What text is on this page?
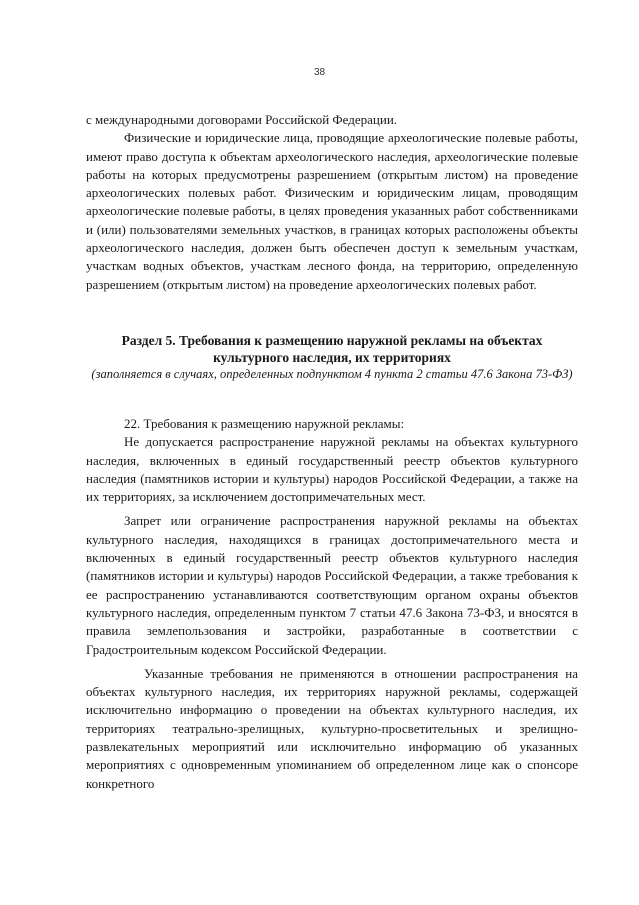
38

с международными договорами Российской Федерации.

Физические и юридические лица, проводящие археологические полевые работы, имеют право доступа к объектам археологического наследия, археологические полевые работы на которых предусмотрены разрешением (открытым листом) на проведение археологических полевых работ. Физическим и юридическим лицам, проводящим археологические полевые работы, в целях проведения указанных работ собственниками и (или) пользователями земельных участков, в границах которых расположены объекты археологического наследия, должен быть обеспечен доступ к земельным участкам, участкам водных объектов, участкам лесного фонда, на территорию, определенную разрешением (открытым листом) на проведение археологических полевых работ.

Раздел 5. Требования к размещению наружной рекламы на объектах культурного наследия, их территориях

(заполняется в случаях, определенных подпунктом 4 пункта 2 статьи 47.6 Закона 73-ФЗ)

22. Требования к размещению наружной рекламы:

Не допускается распространение наружной рекламы на объектах культурного наследия, включенных в единый государственный реестр объектов культурного наследия (памятников истории и культуры) народов Российской Федерации, а также на их территориях, за исключением достопримечательных мест.

Запрет или ограничение распространения наружной рекламы на объектах культурного наследия, находящихся в границах достопримечательного места и включенных в единый государственный реестр объектов культурного наследия (памятников истории и культуры) народов Российской Федерации, а также требования к ее распространению устанавливаются соответствующим органом охраны объектов культурного наследия, определенным пунктом 7 статьи 47.6 Закона 73-ФЗ, и вносятся в правила землепользования и застройки, разработанные в соответствии с Градостроительным кодексом Российской Федерации.

Указанные требования не применяются в отношении распространения на объектах культурного наследия, их территориях наружной рекламы, содержащей исключительно информацию о проведении на объектах культурного наследия, их территориях театрально-зрелищных, культурно-просветительных и зрелищно-развлекательных мероприятий или исключительно информацию об указанных мероприятиях с одновременным упоминанием об определенном лице как о спонсоре конкретного
